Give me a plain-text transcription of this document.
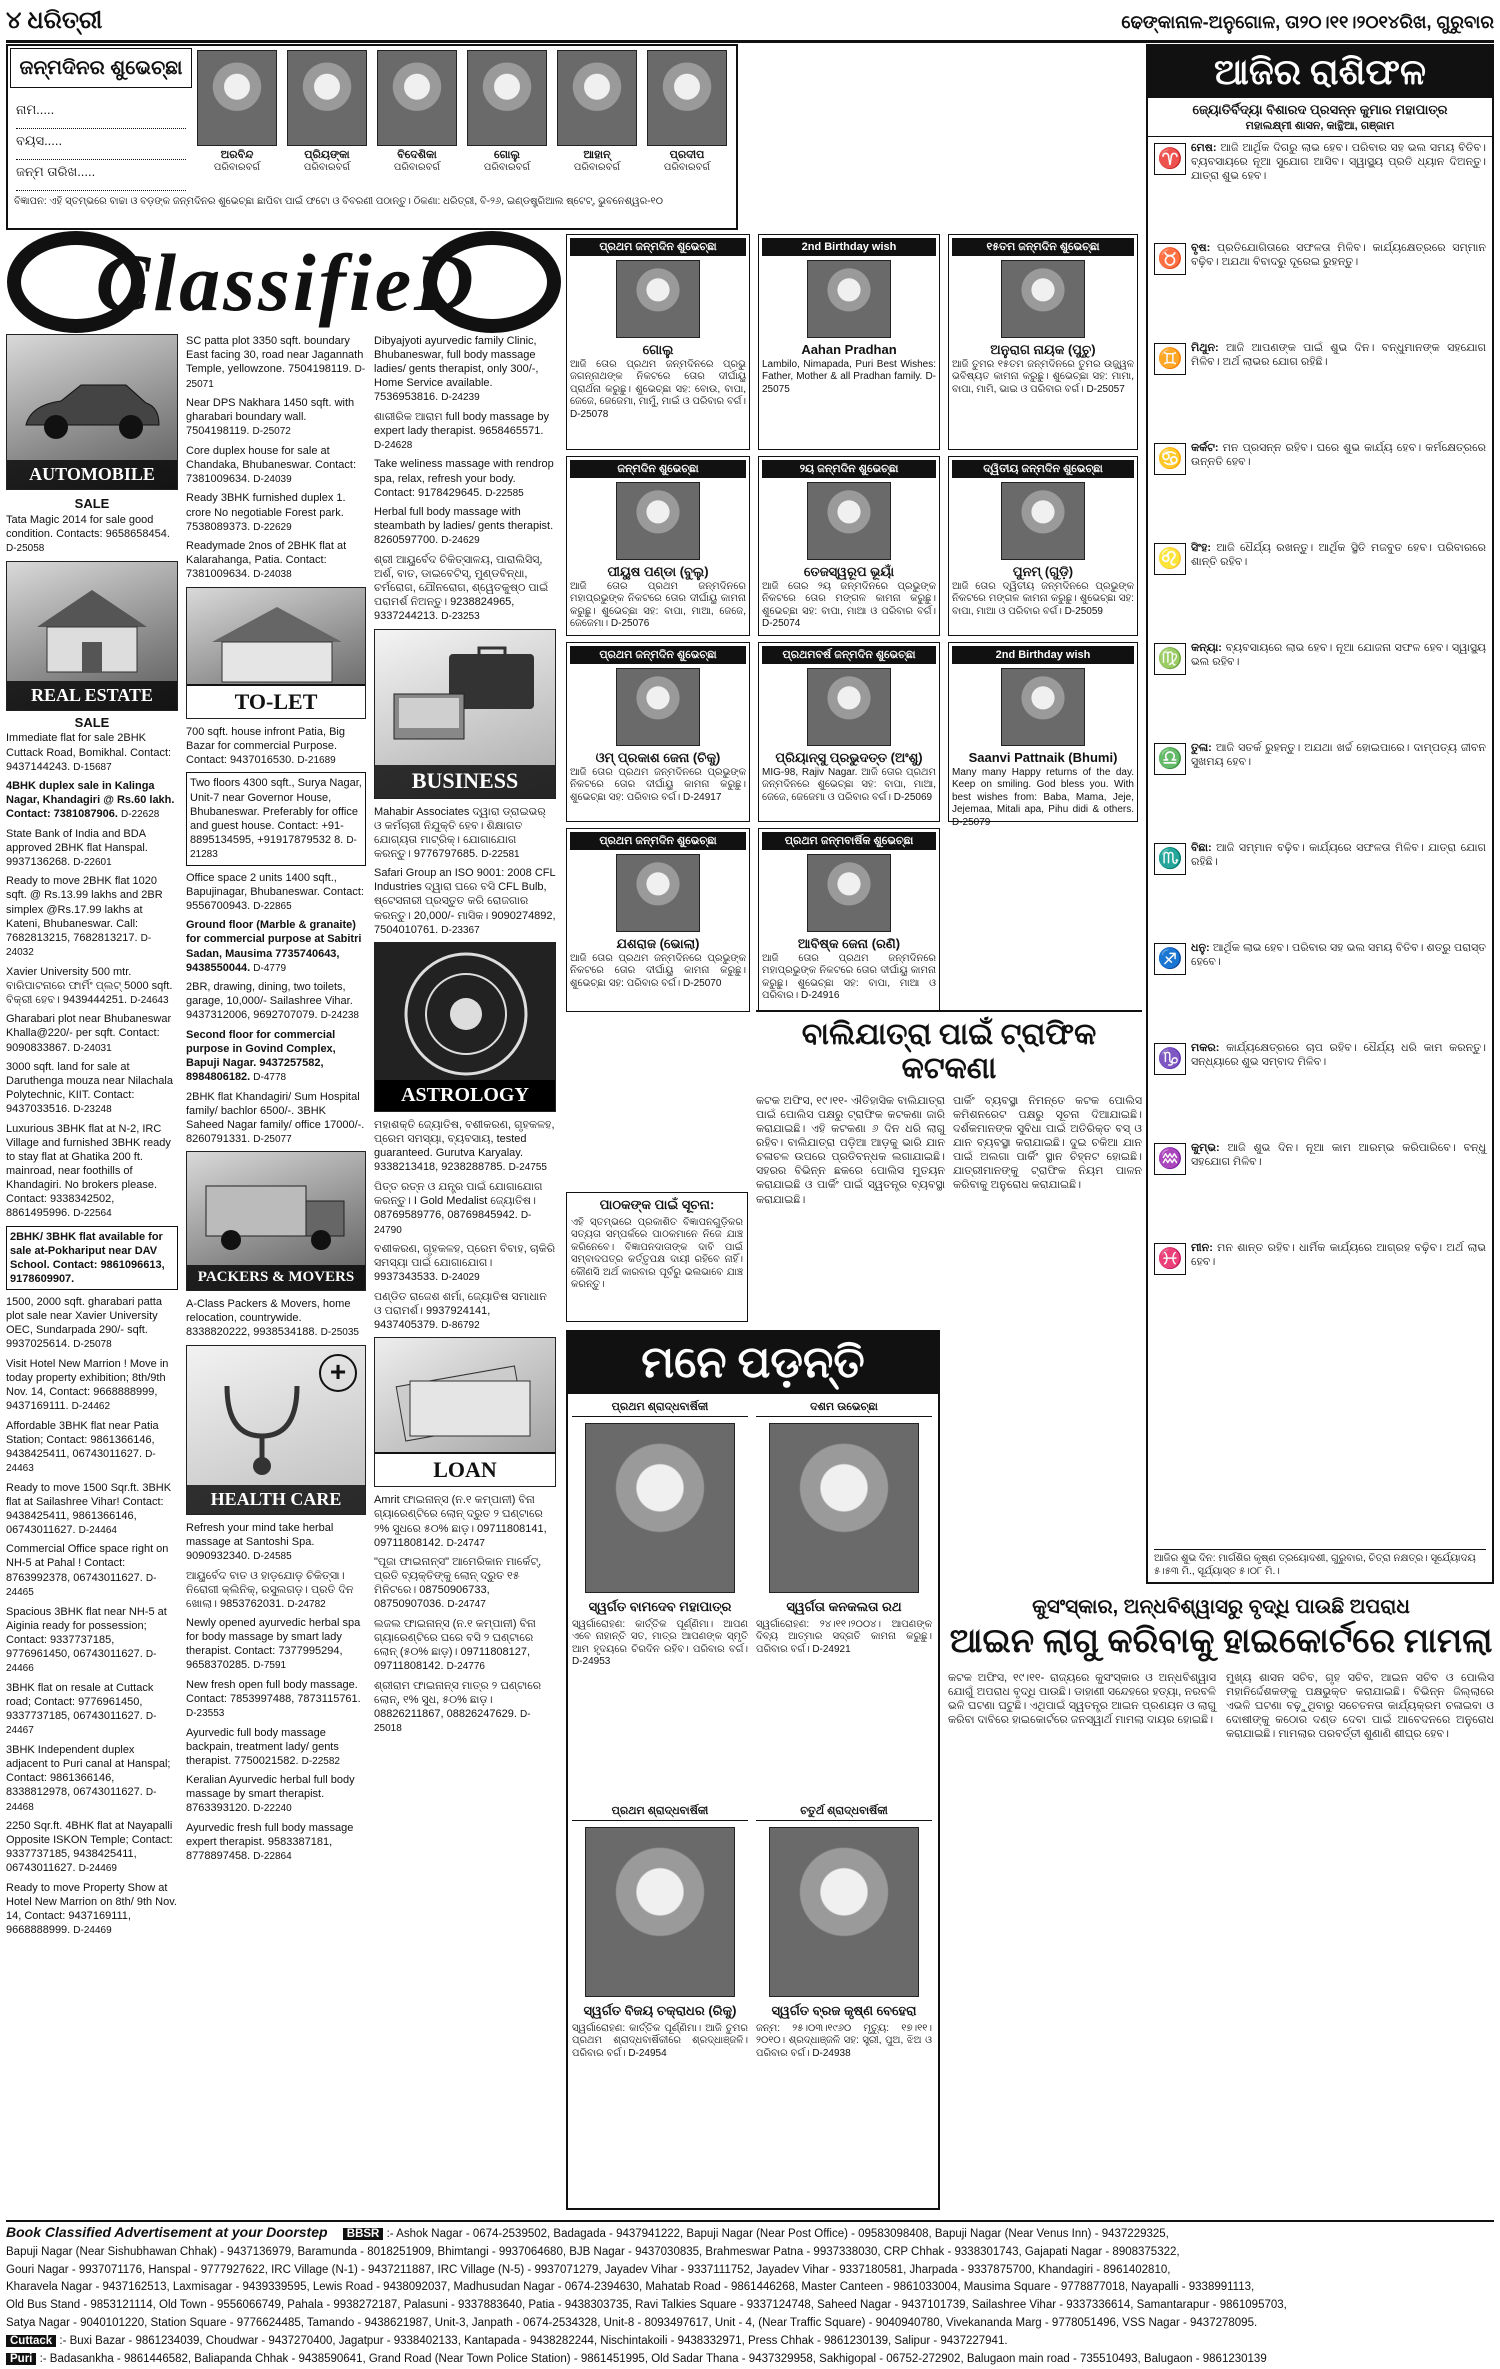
୪ ଧରିତ୍ରୀ	ଢେଙ୍କାନାଳ-ଅନୁଗୋଳ, ତା୨୦।୧୧।୨୦୧୪ରିଖ, ଗୁରୁବାର
ଜନ୍ମଦିନର ଶୁଭେଚ୍ଛା
ନାମ.....
ବୟସ.....
ଜନ୍ମ ତାରିଖ.....
ଅରବିନ୍ଦ
ପରିବାରବର୍ଗ
ପ୍ରିୟଙ୍କା
ପରିବାରବର୍ଗ
ବିଦେଶିକା
ପରିବାରବର୍ଗ
ଗୋଲୁ
ପରିବାରବର୍ଗ
ଆହାନ୍
ପରିବାରବର୍ଗ
ପ୍ରଦୀପ
ପରିବାରବର୍ଗ
ବିଜ୍ଞାପନ: ଏହି ସ୍ତମ୍ଭରେ ବାଚ୍ଚା ଓ ବଡ଼ଙ୍କ ଜନ୍ମଦିନର ଶୁଭେଚ୍ଛା ଛାପିବା ପାଇଁ ଫଟୋ ଓ ବିବରଣୀ ପଠାନ୍ତୁ। ଠିକଣା: ଧରିତ୍ରୀ, ବି-୨୬, ଇଣ୍ଡଷ୍ଟ୍ରିଆଲ ଷ୍ଟେଟ୍, ଭୁବନେଶ୍ୱର-୧୦
ClassifieD
AUTOMOBILE
SALE

Tata Magic 2014 for sale good condition. Contacts: 9658658454. D-25058

REAL ESTATE
SALE

Immediate flat for sale 2BHK Cuttack Road, Bomikhal. Contact: 9437144243. D-15687

4BHK duplex sale in Kalinga Nagar, Khandagiri @ Rs.60 lakh. Contact: 7381087906. D-22628

State Bank of India and BDA approved 2BHK flat Hanspal. 9937136268. D-22601

Ready to move 2BHK flat 1020 sqft. @ Rs.13.99 lakhs and 2BR simplex @Rs.17.99 lakhs at Kateni, Bhubaneswar. Call: 7682813215, 7682813217. D-24032

Xavier University 500 mtr. ବାରିପାଟନାରେ ଫାର୍ମିଂ ପ୍ଲଟ୍ 5000 sqft. ବିକ୍ରୀ ହେବ। 9439444251. D-24643

Gharabari plot near Bhubaneswar Khalla@220/- per sqft. Contact: 9090833867. D-24031

3000 sqft. land for sale at Daruthenga mouza near Nilachala Polytechnic, KIIT. Contact: 9437033516. D-23248

Luxurious 3BHK flat at N-2, IRC Village and furnished 3BHK ready to stay flat at Ghatika 200 ft. mainroad, near foothills of Khandagiri. No brokers please. Contact: 9338342502, 8861495996. D-22564

2BHK/ 3BHK flat available for sale at-Pokhariput near DAV School. Contact: 9861096613, 9178609907.

1500, 2000 sqft. gharabari patta plot sale near Xavier University OEC, Sundarpada 290/- sqft. 9937025614. D-25078

Visit Hotel New Marrion ! Move in today property exhibition; 8th/9th Nov. 14, Contact: 9668888999, 9437169111. D-24462

Affordable 3BHK flat near Patia Station; Contact: 9861366146, 9438425411, 06743011627. D-24463

Ready to move 1500 Sqr.ft. 3BHK flat at Sailashree Vihar! Contact: 9438425411, 9861366146, 06743011627. D-24464

Commercial Office space right on NH-5 at Pahal ! Contact: 8763992378, 06743011627. D-24465

Spacious 3BHK flat near NH-5 at Aiginia ready for possession; Contact: 9337737185, 9776961450, 06743011627. D-24466

3BHK flat on resale at Cuttack road; Contact: 9776961450, 9337737185, 06743011627. D-24467

3BHK Independent duplex adjacent to Puri canal at Hanspal; Contact: 9861366146, 8338812978, 06743011627. D-24468

2250 Sqr.ft. 4BHK flat at Nayapalli Opposite ISKON Temple; Contact: 9337737185, 9438425411, 06743011627. D-24469

Ready to move Property Show at Hotel New Marrion on 8th/ 9th Nov. 14, Contact: 9437169111, 9668888999. D-24469

SC patta plot 3350 sqft. boundary East facing 30, road near Jagannath Temple, yellowzone. 7504198119. D-25071

Near DPS Nakhara 1450 sqft. with gharabari boundary wall. 7504198119. D-25072

Core duplex house for sale at Chandaka, Bhubaneswar. Contact: 7381009634. D-24039

Ready 3BHK furnished duplex 1. crore No negotiable Forest park. 7538089373. D-22629

Readymade 2nos of 2BHK flat at Kalarahanga, Patia. Contact: 7381009634. D-24038

TO-LET

700 sqft. house infront Patia, Big Bazar for commercial Purpose. Contact: 9437016530. D-21689

Two floors 4300 sqft., Surya Nagar, Unit-7 near Governor House, Bhubaneswar. Preferably for office and guest house. Contact: +91-8895134595, +91917879532 8. D-21283

Office space 2 units 1400 sqft., Bapujinagar, Bhubaneswar. Contact: 9556700943. D-22865

Ground floor (Marble & granaite) for commercial purpose at Sabitri Sadan, Mausima 7735740643, 9438550044. D-4779

2BR, drawing, dining, two toilets, garage, 10,000/- Sailashree Vihar. 9437312006, 9692707079. D-24238

Second floor for commercial purpose in Govind Complex, Bapuji Nagar. 9437257582, 8984806182. D-4778

2BHK flat Khandagiri/ Sum Hospital family/ bachlor 6500/-. 3BHK Saheed Nagar family/ office 17000/-. 8260791331. D-25077

PACKERS & MOVERS

A-Class Packers & Movers, home relocation, countrywide. 8338820222, 9938534188. D-25035

+
HEALTH CARE

Refresh your mind take herbal massage at Santoshi Spa. 9090932340. D-24585

ଆୟୁର୍ବେଦ ବାତ ଓ ହାଡ଼ଯୋଡ଼ ଚିକିତ୍ସା। ନିରୋଗୀ କ୍ଲିନିକ୍, ରସୁଲଗଡ଼। ପ୍ରତି ଦିନ ଖୋଲା। 9853762031. D-24782

Newly opened ayurvedic herbal spa for body massage by smart lady therapist. Contact: 7377995294, 9658370285. D-7591

New fresh open full body massage. Contact: 7853997488, 7873115761. D-23553

Ayurvedic full body massage backpain, treatment lady/ gents therapist. 7750021582. D-22582

Keralian Ayurvedic herbal full body massage by smart therapist. 8763393120. D-22240

Ayurvedic fresh full body massage expert therapist. 9583387181, 8778897458. D-22864

Dibyajyoti ayurvedic family Clinic, Bhubaneswar, full body massage ladies/ gents therapist, only 300/-, Home Service available. 7536953816. D-24239

ଶାରୀରିକ ଆରାମ full body massage by expert lady therapist. 9658465571. D-24628

Take weliness massage with rendrop spa, relax, refresh your body. Contact: 9178429645. D-22585

Herbal full body massage with steambath by ladies/ gents therapist. 8260597700. D-24629

ଶ୍ରୀ ଆୟୁର୍ବେଦ ଚିକିତ୍ସାଳୟ, ପାରାଲିସିସ୍, ଅର୍ଶ, ବାତ, ଡାଇବେଟିସ୍, ମୁଣ୍ଡବିନ୍ଧା, ଚର୍ମରୋଗ, ଯୌନରୋଗ, ଶ୍ୱେତକୁଷ୍ଠ ପାଇଁ ପରାମର୍ଶ ନିଅନ୍ତୁ। 9238824965, 9337244213. D-23253

BUSINESS

Mahabir Associates ଦ୍ୱାରା ଡ୍ରାଇଭର୍ ଓ କର୍ମଚାରୀ ନିଯୁକ୍ତି ହେବ। ଶିକ୍ଷାଗତ ଯୋଗ୍ୟତା ମାଟ୍ରିକ୍। ଯୋଗାଯୋଗ କରନ୍ତୁ। 9776797685. D-22581

Safari Group an ISO 9001: 2008 CFL Industries ଦ୍ୱାରା ଘରେ ବସି CFL Bulb, ଷ୍ଟେସନାରୀ ପ୍ରସ୍ତୁତ କରି ରୋଜଗାର କରନ୍ତୁ। 20,000/- ମାସିକ। 9090274892, 7504010761. D-23367

ASTROLOGY

ମହାଶକ୍ତି ଜ୍ୟୋତିଷ, ବଶୀକରଣ, ଗୃହକଳହ, ପ୍ରେମ ସମସ୍ୟା, ବ୍ୟବସାୟ, tested guaranteed. Gurutva Karyalay. 9338213418, 9238288785. D-24755

ପିତ୍ତ ରତ୍ନ ଓ ଯନ୍ତ୍ର ପାଇଁ ଯୋଗାଯୋଗ କରନ୍ତୁ। I Gold Medalist ଜ୍ୟୋତିଷ। 08769589776, 08769845942. D-24790

ବଶୀକରଣ, ଗୃହକଳହ, ପ୍ରେମ ବିବାହ, ଚାକିରି ସମସ୍ୟା ପାଇଁ ଯୋଗାଯୋଗ। 9937343533. D-24029

ପଣ୍ଡିତ ରାଜେଶ ଶର୍ମା, ଜ୍ୟୋତିଷ ସମାଧାନ ଓ ପରାମର୍ଶ। 9937924141, 9437405379. D-86792

LOAN

Amrit ଫାଇନାନ୍ସ (ନ.୧ କମ୍ପାନୀ) ବିନା ଗ୍ୟାରେଣ୍ଟିରେ ଲୋନ୍ ଦ୍ରୁତ ୨ ଘଣ୍ଟାରେ ୨% ସୁଧରେ ୫୦% ଛାଡ଼। 09711808141, 09711808142. D-24747

"ପୂଜା ଫାଇନାନ୍ସ" ଆମେରିକାନ ମାର୍କେଟ୍, ପ୍ରତି ବ୍ୟକ୍ତିଙ୍କୁ ଲୋନ୍ ଦ୍ରୁତ ୧୫ ମିନିଟରେ। 08750906733, 08750907036. D-24747

ଲଜଲ ଫାଇନାନ୍ସ (ନ.୧ କମ୍ପାନୀ) ବିନା ଗ୍ୟାରେଣ୍ଟିରେ ଘରେ ବସି ୨ ଘଣ୍ଟାରେ ଲୋନ୍ (୫୦% ଛାଡ଼)। 09711808127, 09711808142. D-24776

ଶ୍ରୀରାମ ଫାଇନାନ୍ସ ମାତ୍ର ୨ ଘଣ୍ଟାରେ ଲୋନ୍, ୧% ସୁଧ, ୫୦% ଛାଡ଼। 08826211867, 08826247629. D-25018

ପ୍ରଥମ ଜନ୍ମଦିନ ଶୁଭେଚ୍ଛା
ଗୋଲୁ
ଆଜି ତୋର ପ୍ରଥମ ଜନ୍ମଦିନରେ ପ୍ରଭୁ ଜଗନ୍ନାଥଙ୍କ ନିକଟରେ ତୋର ଦୀର୍ଘାୟୁ ପ୍ରାର୍ଥନା କରୁଛୁ। ଶୁଭେଚ୍ଛା ସହ: ବୋଉ, ବାପା, ଜେଜେ, ଜେଜେମା, ମାମୁଁ, ମାଇଁ ଓ ପରିବାର ବର୍ଗ। D-25078
2nd Birthday wish
Aahan Pradhan
Lambilo, Nimapada, Puri Best Wishes: Father, Mother & all Pradhan family. D-25075
୧୫ତମ ଜନ୍ମଦିନ ଶୁଭେଚ୍ଛା
ଅନୁରାଗ ନାୟକ (ପୁଚୁ)
ଆଜି ତୁମର ୧୫ତମ ଜନ୍ମଦିନରେ ତୁମର ଉଜ୍ଜ୍ୱଳ ଭବିଷ୍ୟତ କାମନା କରୁଛୁ। ଶୁଭେଚ୍ଛା ସହ: ମାମା, ବାପା, ମାମି, ଭାଇ ଓ ପରିବାର ବର୍ଗ। D-25057
ଜନ୍ମଦିନ ଶୁଭେଚ୍ଛା
ପୀୟୁଷ ପଣ୍ଡା (ବୁଲୁ)
ଆଜି ତୋର ପ୍ରଥମ ଜନ୍ମଦିନରେ ମହାପ୍ରଭୁଙ୍କ ନିକଟରେ ତୋର ଦୀର୍ଘାୟୁ କାମନା କରୁଛୁ। ଶୁଭେଚ୍ଛା ସହ: ବାପା, ମାଆ, ଜେଜେ, ଜେଜେମା। D-25076
୨ୟ ଜନ୍ମଦିନ ଶୁଭେଚ୍ଛା
ତେଜସ୍ୱରୂପ ଭୂୟାଁ
ଆଜି ତୋର ୨ୟ ଜନ୍ମଦିନରେ ପ୍ରଭୁଙ୍କ ନିକଟରେ ତୋର ମଙ୍ଗଳ କାମନା କରୁଛୁ। ଶୁଭେଚ୍ଛା ସହ: ବାପା, ମାଆ ଓ ପରିବାର ବର୍ଗ। D-25074
ଦ୍ୱିତୀୟ ଜନ୍ମଦିନ ଶୁଭେଚ୍ଛା
ପୁନମ୍ (ଗୁଡ଼ି)
ଆଜି ତୋର ଦ୍ୱିତୀୟ ଜନ୍ମଦିନରେ ପ୍ରଭୁଙ୍କ ନିକଟରେ ମଙ୍ଗଳ କାମନା କରୁଛୁ। ଶୁଭେଚ୍ଛା ସହ: ବାପା, ମାଆ ଓ ପରିବାର ବର୍ଗ। D-25059
ପ୍ରଥମ ଜନ୍ମଦିନ ଶୁଭେଚ୍ଛା
ଓମ୍ ପ୍ରକାଶ ଜେନା (ଚିକୁ)
ଆଜି ତୋର ପ୍ରଥମ ଜନ୍ମଦିନରେ ପ୍ରଭୁଙ୍କ ନିକଟରେ ତୋର ଦୀର୍ଘାୟୁ କାମନା କରୁଛୁ। ଶୁଭେଚ୍ଛା ସହ: ପରିବାର ବର୍ଗ। D-24917
ପ୍ରଥମବର୍ଷ ଜନ୍ମଦିନ ଶୁଭେଚ୍ଛା
ପ୍ରିୟାନ୍ସୁ ପ୍ରଭୁଦତ୍ତ (ଅଂଶୁ)
MIG-98, Rajiv Nagar. ଆଜି ତୋର ପ୍ରଥମ ଜନ୍ମଦିନରେ ଶୁଭେଚ୍ଛା ସହ: ବାପା, ମାଆ, ଜେଜେ, ଜେଜେମା ଓ ପରିବାର ବର୍ଗ। D-25069
2nd Birthday wish
Saanvi Pattnaik (Bhumi)
Many many Happy returns of the day. Keep on smiling. God bless you. With best wishes from: Baba, Mama, Jeje, Jejemaa, Mitali apa, Pihu didi & others. D-25079
ପ୍ରଥମ ଜନ୍ମଦିନ ଶୁଭେଚ୍ଛା
ଯଶରାଜ (ଭୋଲା)
ଆଜି ତୋର ପ୍ରଥମ ଜନ୍ମଦିନରେ ପ୍ରଭୁଙ୍କ ନିକଟରେ ତୋର ଦୀର୍ଘାୟୁ କାମନା କରୁଛୁ। ଶୁଭେଚ୍ଛା ସହ: ପରିବାର ବର୍ଗ। D-25070
ପ୍ରଥମ ଜନ୍ମବାର୍ଷିକ ଶୁଭେଚ୍ଛା
ଆବିଷ୍କ ଜେନା (ରଣି)
ଆଜି ତୋର ପ୍ରଥମ ଜନ୍ମଦିନରେ ମହାପ୍ରଭୁଙ୍କ ନିକଟରେ ତୋର ଦୀର୍ଘାୟୁ କାମନା କରୁଛୁ। ଶୁଭେଚ୍ଛା ସହ: ବାପା, ମାଆ ଓ ପରିବାର। D-24916
ବାଲିଯାତ୍ରା ପାଇଁ ଟ୍ରାଫିକ କଟକଣା
କଟକ ଅଫିସ, ୧୯।୧୧- ଐତିହାସିକ ବାଲିଯାତ୍ରା ପାଇଁ ପୋଲିସ ପକ୍ଷରୁ ଟ୍ରାଫିକ କଟକଣା ଜାରି କରାଯାଇଛି। ଏହି କଟକଣା ୬ ଦିନ ଧରି ଲାଗୁ ରହିବ। ବାଲିଯାତ୍ରା ପଡ଼ିଆ ଆଡ଼କୁ ଭାରି ଯାନ ଚଳାଚଳ ଉପରେ ପ୍ରତିବନ୍ଧକ ଲଗାଯାଇଛି। ସହରର ବିଭିନ୍ନ ଛକରେ ପୋଲିସ ମୁତୟନ କରାଯାଇଛି ଓ ପାର୍କିଂ ପାଇଁ ସ୍ୱତନ୍ତ୍ର ବ୍ୟବସ୍ଥା କରାଯାଇଛି।
ପାର୍କିଂ ବ୍ୟବସ୍ଥା ନିମନ୍ତେ କଟକ ପୋଲିସ କମିଶନରେଟ ପକ୍ଷରୁ ସୂଚନା ଦିଆଯାଇଛି। ଦର୍ଶକମାନଙ୍କ ସୁବିଧା ପାଇଁ ଅତିରିକ୍ତ ବସ୍ ଓ ଯାନ ବ୍ୟବସ୍ଥା କରାଯାଇଛି। ଦୁଇ ଚକିଆ ଯାନ ପାଇଁ ଅଲଗା ପାର୍କିଂ ସ୍ଥାନ ଚିହ୍ନଟ ହୋଇଛି। ଯାତ୍ରୀମାନଙ୍କୁ ଟ୍ରାଫିକ ନିୟମ ପାଳନ କରିବାକୁ ଅନୁରୋଧ କରାଯାଇଛି।
ପାଠକଙ୍କ ପାଇଁ ସୂଚନା:
ଏହି ସ୍ତମ୍ଭରେ ପ୍ରକାଶିତ ବିଜ୍ଞାପନଗୁଡ଼ିକର ସତ୍ୟତା ସମ୍ପର୍କରେ ପାଠକମାନେ ନିଜେ ଯାଞ୍ଚ କରିନେବେ। ବିଜ୍ଞାପନଦାତାଙ୍କ ଦାବି ପାଇଁ ସମ୍ବାଦପତ୍ର କର୍ତ୍ତୃପକ୍ଷ ଦାୟୀ ରହିବେ ନାହିଁ। କୌଣସି ଅର୍ଥ କାରବାର ପୂର୍ବରୁ ଭଲଭାବେ ଯାଞ୍ଚ କରନ୍ତୁ।
ମନେ ପଡ଼ନ୍ତି
ପ୍ରଥମ ଶ୍ରାଦ୍ଧବାର୍ଷିକୀ
ସ୍ୱର୍ଗତ ବାମଦେବ ମହାପାତ୍ର
ସ୍ୱର୍ଗାରୋହଣ: କାର୍ତ୍ତିକ ପୂର୍ଣ୍ଣିମା। ଆପଣ ଏବେ ନାହାନ୍ତି ସତ, ମାତ୍ର ଆପଣଙ୍କ ସ୍ମୃତି ଆମ ହୃଦୟରେ ଚିରଦିନ ରହିବ। ପରିବାର ବର୍ଗ। D-24953
ଦଶମ ଉଭେଚ୍ଛା
ସ୍ୱର୍ଗତା କନକଲତା ରଥ
ସ୍ୱର୍ଗାରୋହଣ: ୨୪।୧୧।୨୦୦୪। ଆପଣଙ୍କ ଦିବ୍ୟ ଆତ୍ମାର ସଦ୍‌ଗତି କାମନା କରୁଛୁ। ପରିବାର ବର୍ଗ। D-24921
ପ୍ରଥମ ଶ୍ରାଦ୍ଧବାର୍ଷିକୀ
ସ୍ୱର୍ଗତ ବିଜୟ ଚକ୍ରାଧର (ରିକୁ)
ସ୍ୱର୍ଗାରୋହଣ: କାର୍ତ୍ତିକ ପୂର୍ଣ୍ଣିମା। ଆଜି ତୁମର ପ୍ରଥମ ଶ୍ରାଦ୍ଧବାର୍ଷିକୀରେ ଶ୍ରଦ୍ଧାଞ୍ଜଳି। ପରିବାର ବର୍ଗ। D-24954
ଚତୁର୍ଥ ଶ୍ରାଦ୍ଧବାର୍ଷିକୀ
ସ୍ୱର୍ଗତ ବ୍ରଜ କୃଷ୍ଣ ବେହେରା
ଜନ୍ମ: ୨୫।୦୩।୧୯୬୦ ମୃତ୍ୟୁ: ୧୭।୧୧।୨୦୧୦। ଶ୍ରଦ୍ଧାଞ୍ଜଳି ସହ: ସ୍ତ୍ରୀ, ପୁଅ, ଝିଅ ଓ ପରିବାର ବର୍ଗ। D-24938
କୁସଂସ୍କାର, ଅନ୍ଧବିଶ୍ୱାସରୁ ବୃଦ୍ଧି ପାଉଛି ଅପରାଧ
ଆଇନ ଲାଗୁ କରିବାକୁ ହାଇକୋର୍ଟରେ ମାମଲା
କଟକ ଅଫିସ, ୧୯।୧୧- ରାଜ୍ୟରେ କୁସଂସ୍କାର ଓ ଅନ୍ଧବିଶ୍ୱାସ ଯୋଗୁଁ ଅପରାଧ ବୃଦ୍ଧି ପାଉଛି। ଡାହାଣୀ ସନ୍ଦେହରେ ହତ୍ୟା, ନରବଳି ଭଳି ଘଟଣା ଘଟୁଛି। ଏଥିପାଇଁ ସ୍ୱତନ୍ତ୍ର ଆଇନ ପ୍ରଣୟନ ଓ ଲାଗୁ କରିବା ଦାବିରେ ହାଇକୋର୍ଟରେ ଜନସ୍ୱାର୍ଥ ମାମଲା ଦାୟର ହୋଇଛି।
ମୁଖ୍ୟ ଶାସନ ସଚିବ, ଗୃହ ସଚିବ, ଆଇନ ସଚିବ ଓ ପୋଲିସ ମହାନିର୍ଦ୍ଦେଶକଙ୍କୁ ପକ୍ଷଭୁକ୍ତ କରାଯାଇଛି। ବିଭିନ୍ନ ଜିଲ୍ଲାରେ ଏଭଳି ଘଟଣା ବଢ଼ୁଥିବାରୁ ସଚେତନତା କାର୍ଯ୍ୟକ୍ରମ ଚଳାଇବା ଓ ଦୋଷୀଙ୍କୁ କଠୋର ଦଣ୍ଡ ଦେବା ପାଇଁ ଆବେଦନରେ ଅନୁରୋଧ କରାଯାଇଛି। ମାମଲାର ପରବର୍ତ୍ତୀ ଶୁଣାଣି ଶୀଘ୍ର ହେବ।
ଆଜିର ରାଶିଫଳ
ଜ୍ୟୋତିର୍ବିଦ୍ୟା ବିଶାରଦ ପ୍ରସନ୍ନ କୁମାର ମହାପାତ୍ର
ମହାଲକ୍ଷ୍ମୀ ଶାସନ, କାନ୍ଥିଆ, ଗଞ୍ଜାମ
♈ ମେଷ: ଆଜି ଆର୍ଥିକ ଦିଗରୁ ଲାଭ ହେବ। ପରିବାର ସହ ଭଲ ସମୟ ବିତିବ। ବ୍ୟବସାୟରେ ନୂଆ ସୁଯୋଗ ଆସିବ। ସ୍ୱାସ୍ଥ୍ୟ ପ୍ରତି ଧ୍ୟାନ ଦିଅନ୍ତୁ। ଯାତ୍ରା ଶୁଭ ହେବ।
♉ ବୃଷ: ପ୍ରତିଯୋଗିତାରେ ସଫଳତା ମିଳିବ। କାର୍ଯ୍ୟକ୍ଷେତ୍ରରେ ସମ୍ମାନ ବଢ଼ିବ। ଅଯଥା ବିବାଦରୁ ଦୂରେଇ ରୁହନ୍ତୁ।
♊ ମିଥୁନ: ଆଜି ଆପଣଙ୍କ ପାଇଁ ଶୁଭ ଦିନ। ବନ୍ଧୁମାନଙ୍କ ସହଯୋଗ ମିଳିବ। ଅର୍ଥ ଲାଭର ଯୋଗ ରହିଛି।
♋ କର୍କଟ: ମନ ପ୍ରସନ୍ନ ରହିବ। ଘରେ ଶୁଭ କାର୍ଯ୍ୟ ହେବ। କର୍ମକ୍ଷେତ୍ରରେ ଉନ୍ନତି ହେବ।
♌ ସିଂହ: ଆଜି ଧୈର୍ଯ୍ୟ ରଖନ୍ତୁ। ଆର୍ଥିକ ସ୍ଥିତି ମଜବୁତ ହେବ। ପରିବାରରେ ଶାନ୍ତି ରହିବ।
♍ କନ୍ୟା: ବ୍ୟବସାୟରେ ଲାଭ ହେବ। ନୂଆ ଯୋଜନା ସଫଳ ହେବ। ସ୍ୱାସ୍ଥ୍ୟ ଭଲ ରହିବ।
♎ ତୁଳା: ଆଜି ସତର୍କ ରୁହନ୍ତୁ। ଅଯଥା ଖର୍ଚ୍ଚ ହୋଇପାରେ। ଦାମ୍ପତ୍ୟ ଜୀବନ ସୁଖମୟ ହେବ।
♏ ବିଛା: ଆଜି ସମ୍ମାନ ବଢ଼ିବ। କାର୍ଯ୍ୟରେ ସଫଳତା ମିଳିବ। ଯାତ୍ରା ଯୋଗ ରହିଛି।
♐ ଧନୁ: ଆର୍ଥିକ ଲାଭ ହେବ। ପରିବାର ସହ ଭଲ ସମୟ ବିତିବ। ଶତ୍ରୁ ପରାସ୍ତ ହେବେ।
♑ ମକର: କାର୍ଯ୍ୟକ୍ଷେତ୍ରରେ ଚାପ ରହିବ। ଧୈର୍ଯ୍ୟ ଧରି କାମ କରନ୍ତୁ। ସନ୍ଧ୍ୟାରେ ଶୁଭ ସମ୍ବାଦ ମିଳିବ।
♒ କୁମ୍ଭ: ଆଜି ଶୁଭ ଦିନ। ନୂଆ କାମ ଆରମ୍ଭ କରିପାରିବେ। ବନ୍ଧୁ ସହଯୋଗ ମିଳିବ।
♓ ମୀନ: ମନ ଶାନ୍ତ ରହିବ। ଧାର୍ମିକ କାର୍ଯ୍ୟରେ ଆଗ୍ରହ ବଢ଼ିବ। ଅର୍ଥ ଲାଭ ହେବ।
ଆଜିର ଶୁଭ ଦିନ: ମାର୍ଗଶିର କୃଷ୍ଣ ତ୍ରୟୋଦଶୀ, ଗୁରୁବାର, ଚିତ୍ରା ନକ୍ଷତ୍ର। ସୂର୍ଯ୍ୟୋଦୟ ୫।୫୩ ମି., ସୂର୍ଯ୍ୟାସ୍ତ ୫।୦୮ ମି.।
Book Classified Advertisement at your Doorstep BBSR :- Ashok Nagar - 0674-2539502, Badagada - 9437941222, Bapuji Nagar (Near Post Office) - 09583098408, Bapuji Nagar (Near Venus Inn) - 9437229325,
Bapuji Nagar (Near Sishubhawan Chhak) - 9437136979, Baramunda - 8018251909, Bhimtangi - 9937064680, BJB Nagar - 9437030835, Brahmeswar Patna - 9937338030, CRP Chhak - 9338301743, Gajapati Nagar - 8908375322,
Gouri Nagar - 9937071176, Hanspal - 9777927622, IRC Village (N-1) - 9437211887, IRC Village (N-5) - 9937071279, Jayadev Vihar - 9337111752, Jayadev Vihar - 9337180581, Jharpada - 9337875700, Khandagiri - 8961402810,
Kharavela Nagar - 9437162513, Laxmisagar - 9439339595, Lewis Road - 9438092037, Madhusudan Nagar - 0674-2394630, Mahatab Road - 9861446268, Master Canteen - 9861033004, Mausima Square - 9778877018, Nayapalli - 9338991113,
Old Bus Stand - 9853121114, Old Town - 9556066749, Pahala - 9938272187, Palasuni - 9337883640, Patia - 9438303735, Ravi Talkies Square - 9337124748, Saheed Nagar - 9437101739, Sailashree Vihar - 9337336614, Samantarapur - 9861095703,
Satya Nagar - 9040101220, Station Square - 9776624485, Tamando - 9438621987, Unit-3, Janpath - 0674-2534328, Unit-8 - 8093497617, Unit - 4, (Near Traffic Square) - 9040940780, Vivekananda Marg - 9778051496, VSS Nagar - 9437278095.
Cuttack :- Buxi Bazar - 9861234039, Choudwar - 9437270400, Jagatpur - 9338402133, Kantapada - 9438282244, Nischintakoili - 9438332971, Press Chhak - 9861230139, Salipur - 9437227941.
Puri :- Badasankha - 9861446582, Baliapanda Chhak - 9438590641, Grand Road (Near Town Police Station) - 9861451995, Old Sadar Thana - 9437329958, Sakhigopal - 06752-272902, Balugaon main road - 735510493, Balugaon - 9861230139
